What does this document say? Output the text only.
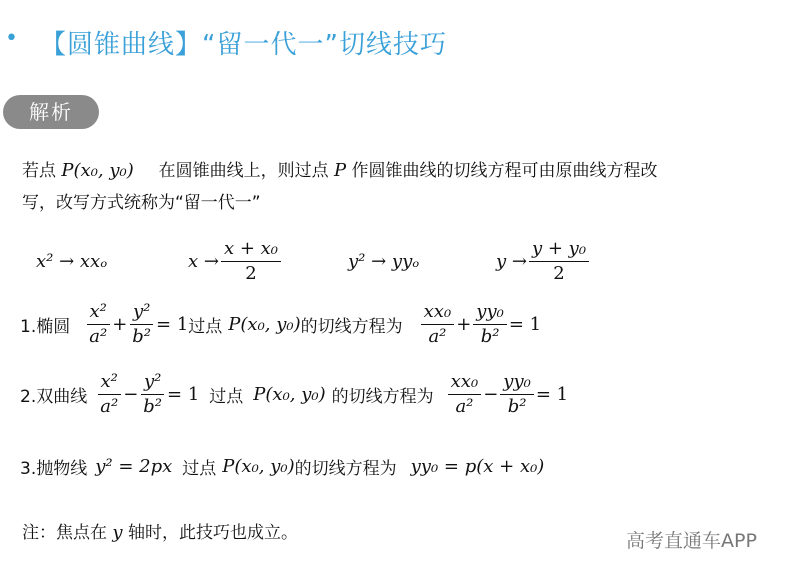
• 【圆锥曲线】“留一代一”切线技巧
解析
若点 P(x₀, y₀) 在圆锥曲线上，则过点 P 作圆锥曲线的切线方程可由原曲线方程改
写，改写方式统称为“留一代一”
x² → xxₒ	$x \to \frac{\text{x + x₀}}{2}$	y² → yyₒ	$y \to \frac{\text{y + y₀}}{2}$
1.椭圆 $\frac{\text{x²}}{\text{a²}} + \frac{\text{y²}}{\text{b²}} = 1$ 过点 P(x₀, y₀) 的切线方程为 $\frac{\text{xx₀}}{\text{a²}} + \frac{\text{yy₀}}{\text{b²}} = 1$
2.双曲线 $\frac{\text{x²}}{\text{a²}} - \frac{\text{y²}}{\text{b²}} = 1$ 过点 P(x₀, y₀) 的切线方程为 $\frac{\text{xx₀}}{\text{a²}} - \frac{\text{yy₀}}{\text{b²}} = 1$
3.抛物线 y² = 2px 过点 P(x₀, y₀) 的切线方程为 yy₀ = p(x + x₀)
注：焦点在 y 轴时，此技巧也成立。	高考直通车APP
